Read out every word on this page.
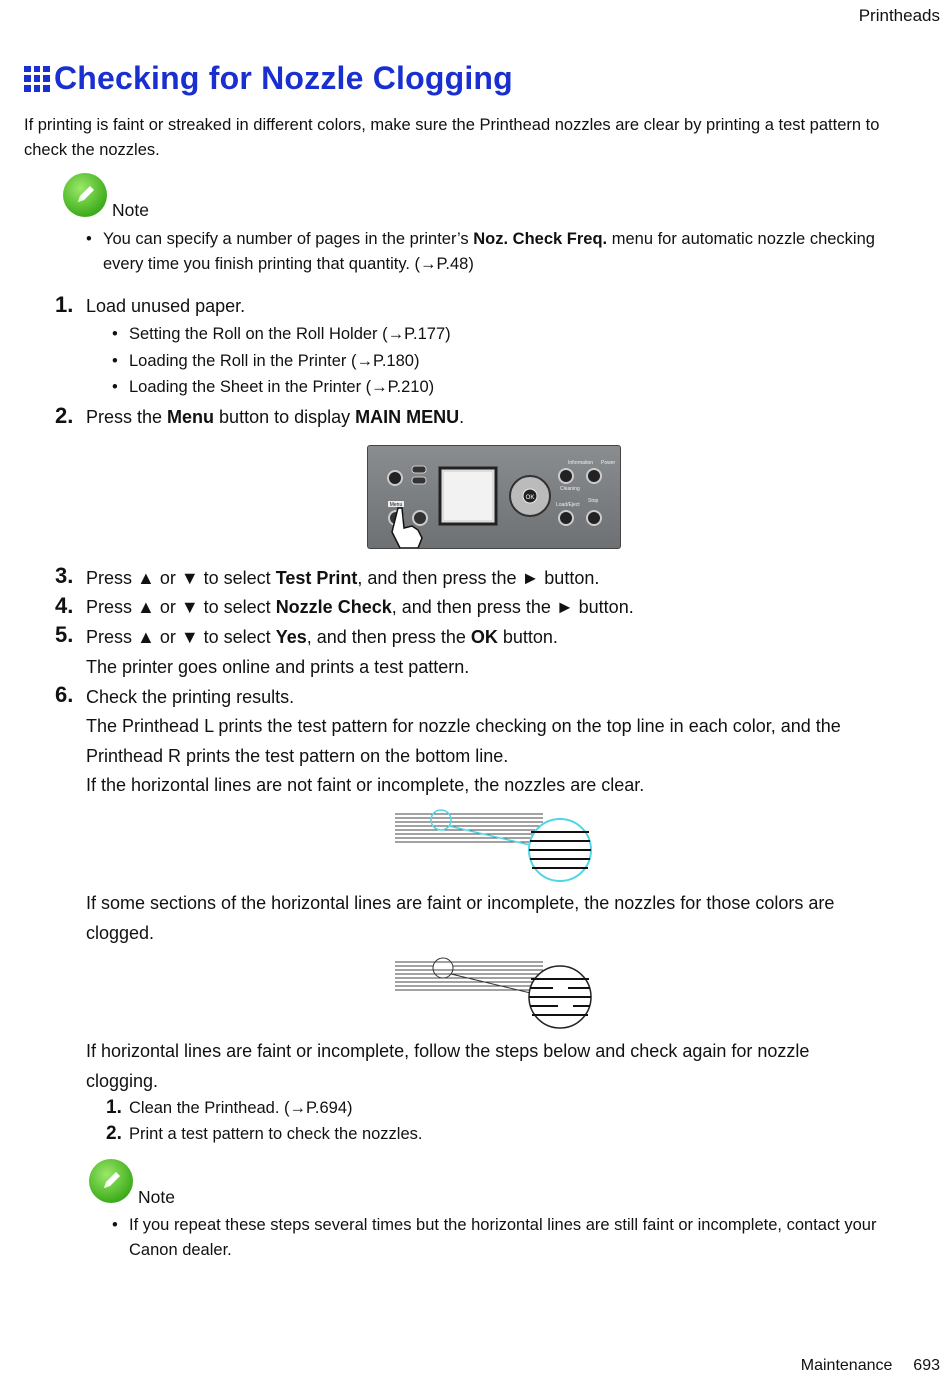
Printheads
Checking for Nozzle Clogging
If printing is faint or streaked in different colors, make sure the Printhead nozzles are clear by printing a test pattern to check the nozzles.
Note
• You can specify a number of pages in the printer’s Noz. Check Freq. menu for automatic nozzle checking every time you finish printing that quantity. (→P.48)
1. Load unused paper.
• Setting the Roll on the Roll Holder (→P.177)
• Loading the Roll in the Printer (→P.180)
• Loading the Sheet in the Printer (→P.210)
2. Press the Menu button to display MAIN MENU.
Menu
OK
Information Power
Cleaning
Load/Eject
Stop
3. Press ▲ or ▼ to select Test Print, and then press the ► button.
4. Press ▲ or ▼ to select Nozzle Check, and then press the ► button.
5. Press ▲ or ▼ to select Yes, and then press the OK button.
The printer goes online and prints a test pattern.
6. Check the printing results.
The Printhead L prints the test pattern for nozzle checking on the top line in each color, and the Printhead R prints the test pattern on the bottom line.
If the horizontal lines are not faint or incomplete, the nozzles are clear.
If some sections of the horizontal lines are faint or incomplete, the nozzles for those colors are clogged.
If horizontal lines are faint or incomplete, follow the steps below and check again for nozzle clogging.
1. Clean the Printhead. (→P.694)
2. Print a test pattern to check the nozzles.
Note
• If you repeat these steps several times but the horizontal lines are still faint or incomplete, contact your Canon dealer.
Maintenance 693
